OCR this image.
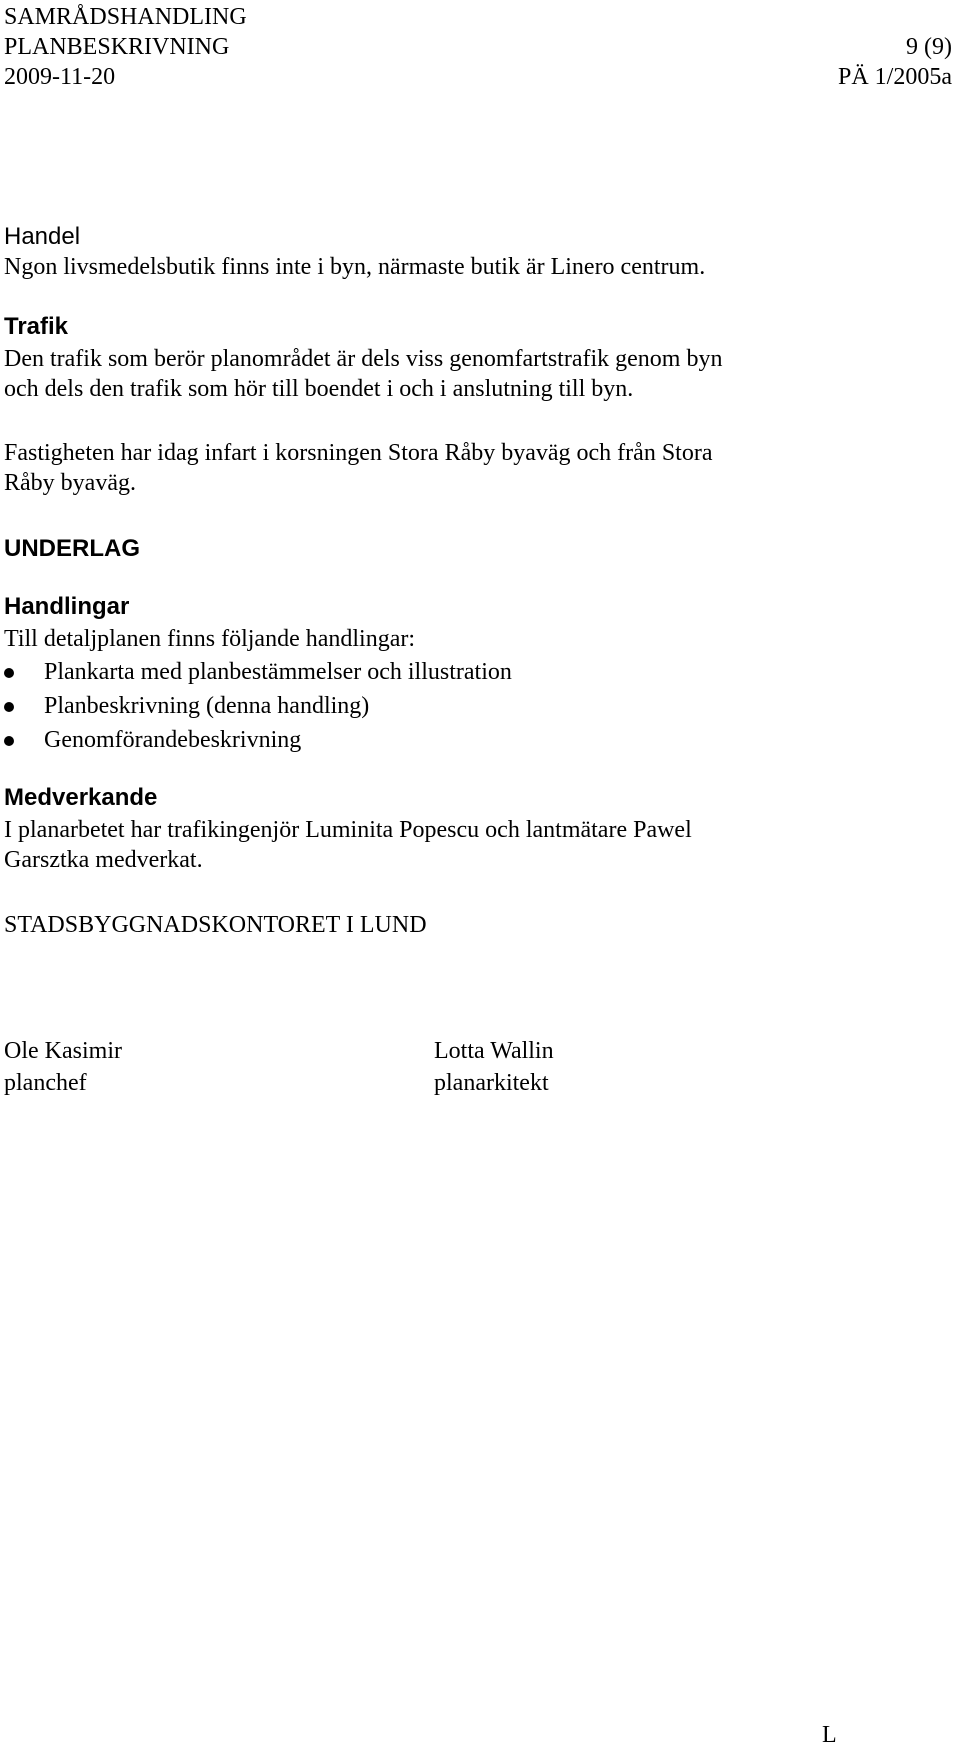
SAMRÅDSHANDLING
PLANBESKRIVNING	9 (9)
2009-11-20	PÄ 1/2005a
Handel
Ngon livsmedelsbutik finns inte i byn, närmaste butik är Linero centrum.
Trafik
Den trafik som berör planområdet är dels viss genomfartstrafik genom byn
och dels den trafik som hör till boendet i och i anslutning till byn.
Fastigheten har idag infart i korsningen Stora Råby byaväg och från Stora
Råby byaväg.
UNDERLAG
Handlingar
Till detaljplanen finns följande handlingar:
Plankarta med planbestämmelser och illustration
Planbeskrivning (denna handling)
Genomförandebeskrivning
Medverkande
I planarbetet har trafikingenjör Luminita Popescu och lantmätare Pawel
Garsztka medverkat.
STADSBYGGNADSKONTORET I LUND
Ole Kasimir
planchef
Lotta Wallin
planarkitekt
L
